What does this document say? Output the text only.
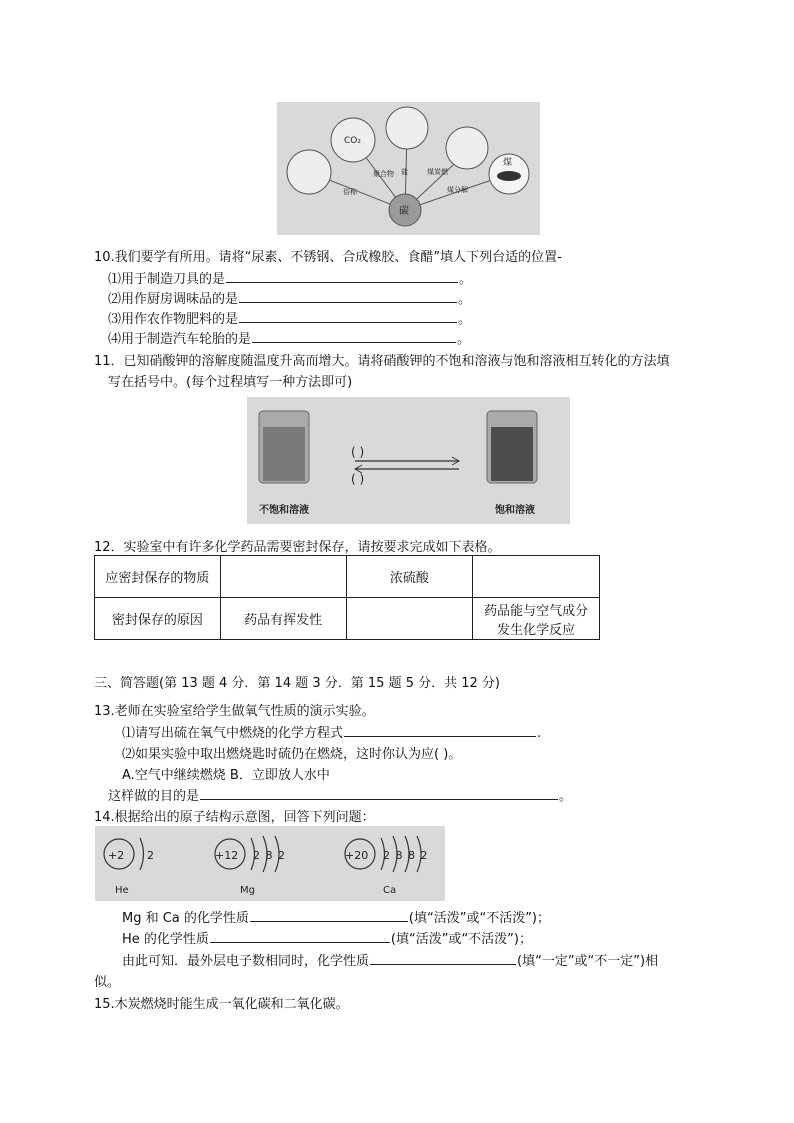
CO₂
碳
煤
俗称
聚合物 盐	煤炭燃
煤分解
10.我们要学有所用。请将“尿素、不锈钢、合成橡胶、食醋”填人下列台适的位置-
⑴用于制造刀具的是	。
⑵用作厨房调味品的是	。
⑶用作农作物肥料的是	。
⑷用于制造汽车轮胎的是	。
11．已知硝酸钾的溶解度随温度升高而增大。请将硝酸钾的不饱和溶液与饱和溶液相互转化的方法填
写在括号中。(每个过程填写一种方法即可)
( )
( )
不饱和溶液	饱和溶液
12．实验室中有许多化学药品需要密封保存，请按要求完成如下表格。
应密封保存的物质		浓硫酸	
密封保存的原因	药品有挥发性		药品能与空气成分
发生化学反应
三、简答题(第 13 题 4 分．第 14 题 3 分．第 15 题 5 分．共 12 分)
13.老师在实验室给学生做氧气性质的演示实验。
⑴请写出硫在氧气中燃烧的化学方程式	.
⑵如果实验中取出燃烧匙时硫仍在燃烧，这时你认为应( )。
A.空气中继续燃烧 B．立即放人水中
这样做的目的是	。
14.根据给出的原子结构示意图，回答下列问题：
+2 2	+12 2 8 2	+20 2 8 8 2
He	Mg	Ca
Mg 和 Ca 的化学性质	(填“活泼”或“不活泼”)；
He 的化学性质	(填“活泼”或“不活泼”)；
由此可知．最外层电子数相同时，化学性质	(填“一定”或“不一定”)相
似。
15.木炭燃烧时能生成一氧化碳和二氧化碳。
